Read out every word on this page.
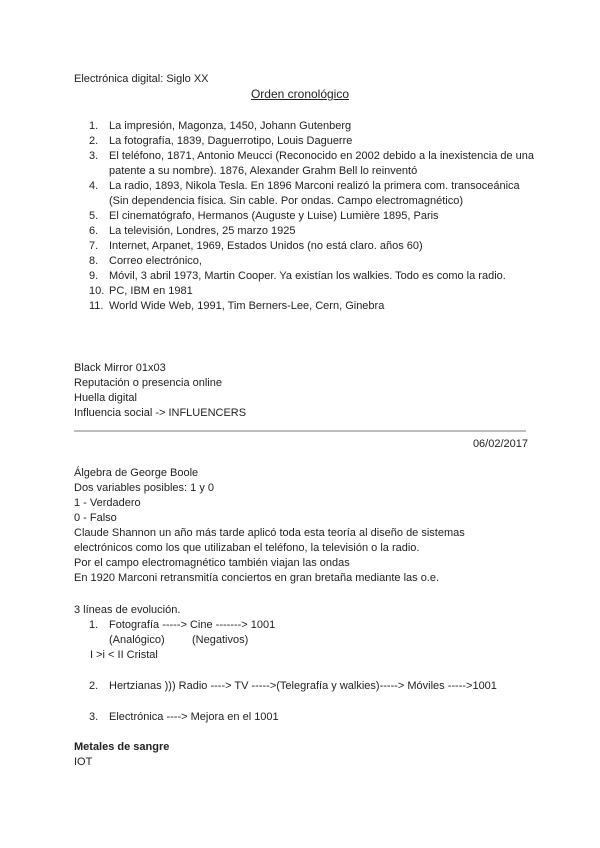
Electrónica digital: Siglo XX
Orden cronológico
1. La impresión, Magonza, 1450, Johann Gutenberg
2. La fotografía, 1839, Daguerrotipo, Louis Daguerre
3. El teléfono, 1871, Antonio Meucci (Reconocido en 2002 debido a la inexistencia de una patente a su nombre). 1876, Alexander Grahm Bell lo reinventó
4. La radio, 1893, Nikola Tesla. En 1896 Marconi realizó la primera com. transoceánica (Sin dependencia física. Sin cable. Por ondas. Campo electromagnético)
5. El cinematógrafo, Hermanos (Auguste y Luise) Lumière 1895, Paris
6. La televisión, Londres, 25 marzo 1925
7. Internet, Arpanet, 1969, Estados Unidos (no está claro. años 60)
8. Correo electrónico,
9. Móvil, 3 abril 1973, Martin Cooper. Ya existían los walkies. Todo es como la radio.
10. PC, IBM en 1981
11. World Wide Web, 1991, Tim Berners-Lee, Cern, Ginebra
Black Mirror 01x03
Reputación o presencia online
Huella digital
Influencia social -> INFLUENCERS
06/02/2017
Álgebra de George Boole
Dos variables posibles: 1 y 0
1 - Verdadero
0 - Falso
Claude Shannon un año más tarde aplicó toda esta teoría al diseño de sistemas
electrónicos como los que utilizaban el teléfono, la televisión o la radio.
Por el campo electromagnético también viajan las ondas
En 1920 Marconi retransmitía conciertos en gran bretaña mediante las o.e.
3 líneas de evolución.
1. Fotografía -----> Cine -------> 1001
(Analógico) (Negativos)
I >i < II Cristal
2. Hertzianas ))) Radio ----> TV ----->(Telegrafía y walkies)-----> Móviles ----->1001
3. Electrónica ----> Mejora en el 1001
Metales de sangre
IOT
